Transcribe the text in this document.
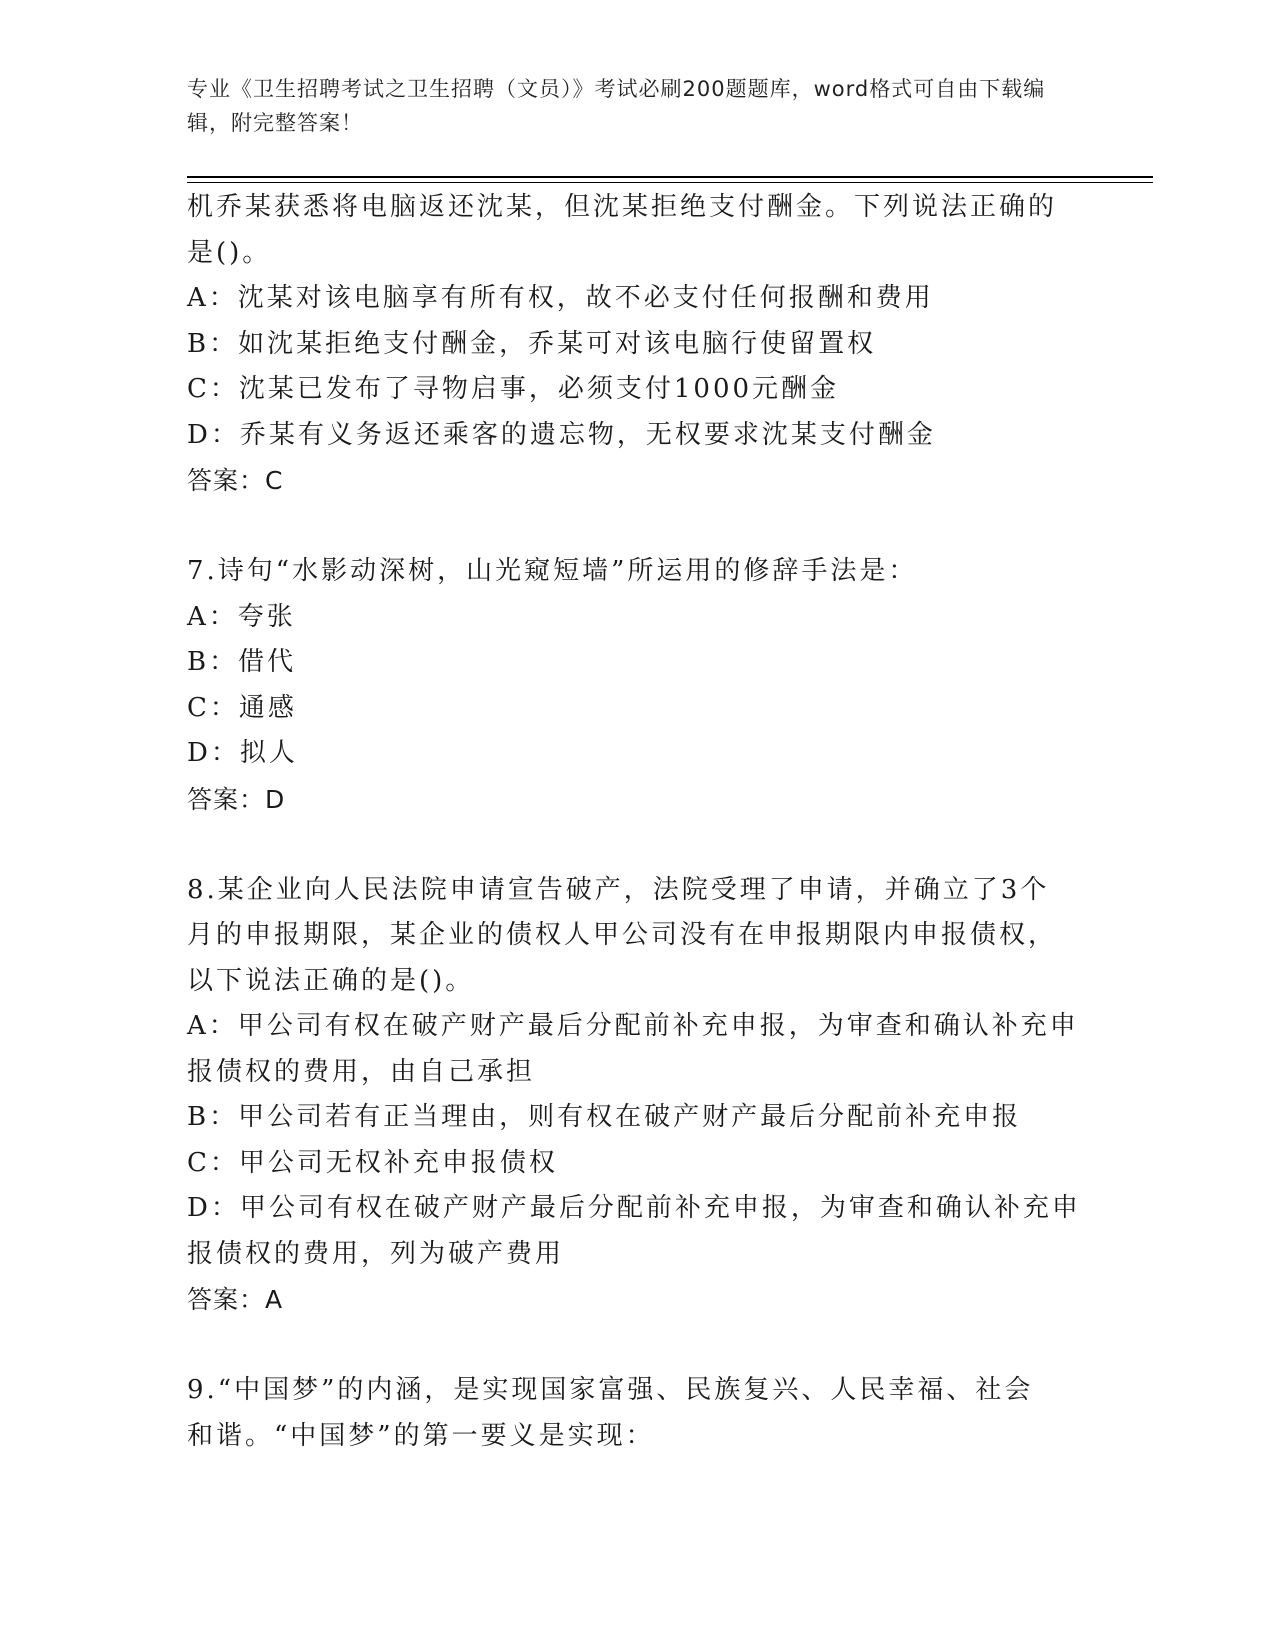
专业《卫生招聘考试之卫生招聘（文员）》考试必刷200题题库，word格式可自由下载编辑，附完整答案！

机乔某获悉将电脑返还沈某，但沈某拒绝支付酬金。下列说法正确的

是()。

A：沈某对该电脑享有所有权，故不必支付任何报酬和费用

B：如沈某拒绝支付酬金，乔某可对该电脑行使留置权

C：沈某已发布了寻物启事，必须支付1000元酬金

D：乔某有义务返还乘客的遗忘物，无权要求沈某支付酬金

答案：C

7.诗句“水影动深树，山光窥短墙”所运用的修辞手法是：

A：夸张

B：借代

C：通感

D：拟人

答案：D

8.某企业向人民法院申请宣告破产，法院受理了申请，并确立了3个

月的申报期限，某企业的债权人甲公司没有在申报期限内申报债权，

以下说法正确的是()。

A：甲公司有权在破产财产最后分配前补充申报，为审查和确认补充申

报债权的费用，由自己承担

B：甲公司若有正当理由，则有权在破产财产最后分配前补充申报

C：甲公司无权补充申报债权

D：甲公司有权在破产财产最后分配前补充申报，为审查和确认补充申

报债权的费用，列为破产费用

答案：A

9.“中国梦”的内涵，是实现国家富强、民族复兴、人民幸福、社会

和谐。“中国梦”的第一要义是实现：
